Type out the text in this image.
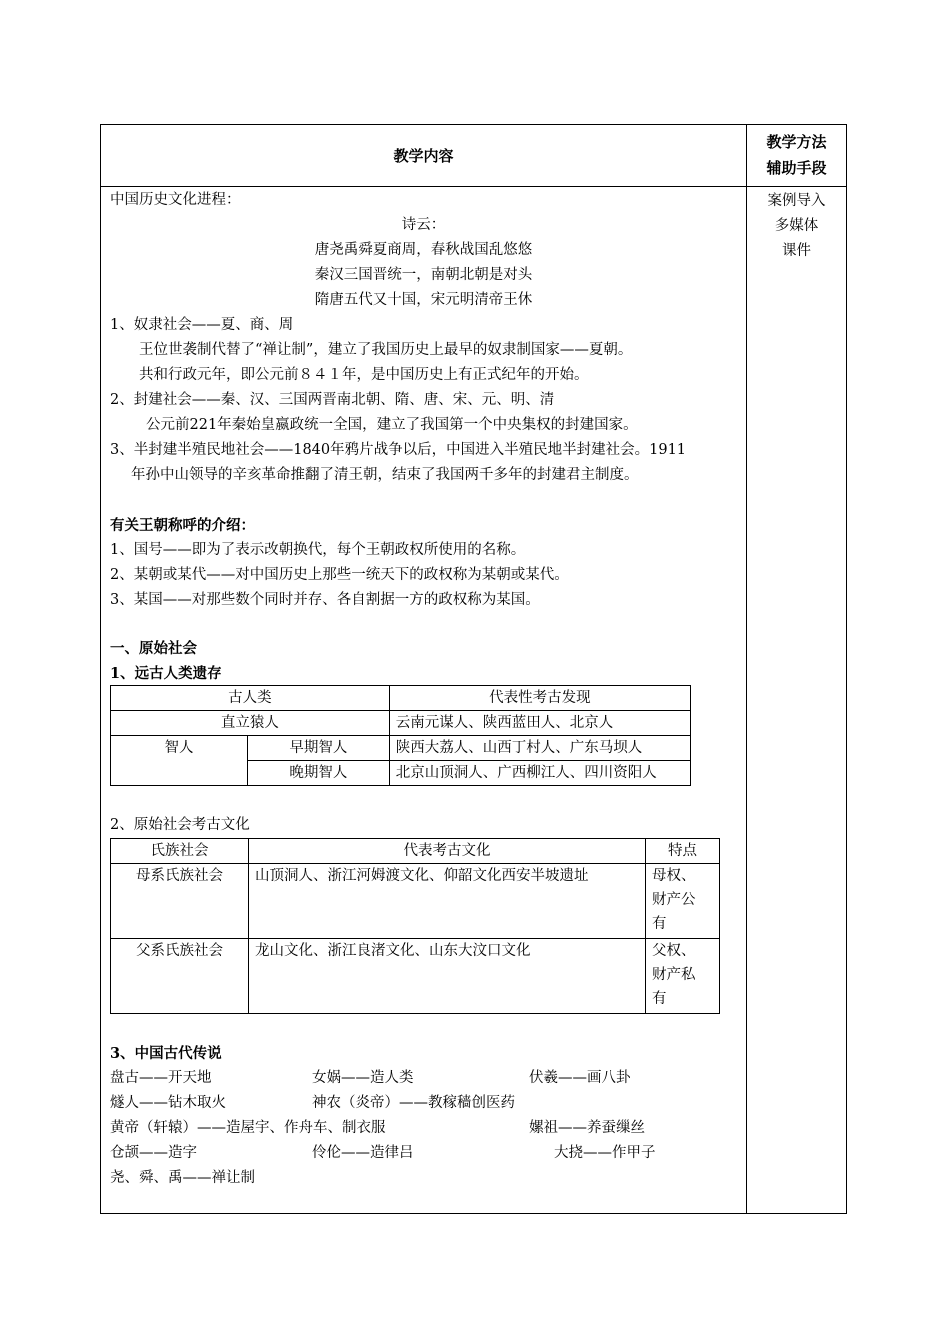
教学内容
教学方法
辅助手段
案例导入
多媒体
课件
中国历史文化进程：
诗云：
唐尧禹舜夏商周，春秋战国乱悠悠
秦汉三国晋统一，南朝北朝是对头
隋唐五代又十国，宋元明清帝王休
1、奴隶社会——夏、商、周
王位世袭制代替了“禅让制”，建立了我国历史上最早的奴隶制国家——夏朝。
共和行政元年，即公元前８４１年，是中国历史上有正式纪年的开始。
2、封建社会——秦、汉、三国两晋南北朝、隋、唐、宋、元、明、清
公元前221年秦始皇嬴政统一全国，建立了我国第一个中央集权的封建国家。
3、半封建半殖民地社会——1840年鸦片战争以后，中国进入半殖民地半封建社会。1911
年孙中山领导的辛亥革命推翻了清王朝，结束了我国两千多年的封建君主制度。
有关王朝称呼的介绍：
1、国号——即为了表示改朝换代，每个王朝政权所使用的名称。
2、某朝或某代——对中国历史上那些一统天下的政权称为某朝或某代。
3、某国——对那些数个同时并存、各自割据一方的政权称为某国。
一、原始社会
1、远古人类遗存
古人类		代表性考古发现
直立猿人		云南元谋人、陕西蓝田人、北京人
智人	早期智人	陕西大荔人、山西丁村人、广东马坝人
	晚期智人	北京山顶洞人、广西柳江人、四川资阳人
2、原始社会考古文化
氏族社会	代表考古文化	特点
母系氏族社会	山顶洞人、浙江河姆渡文化、仰韶文化西安半坡遗址	母权、
财产公
有

父系氏族社会	龙山文化、浙江良渚文化、山东大汶口文化	父权、
财产私
有
3、中国古代传说
盘古——开天地	女娲——造人类	伏羲——画八卦
燧人——钻木取火	神农（炎帝）——教稼穑创医药
黄帝（轩辕）——造屋宇、作舟车、制衣服	嫘祖——养蚕缫丝
仓颉——造字	伶伦——造律吕	大挠——作甲子
尧、舜、禹——禅让制
